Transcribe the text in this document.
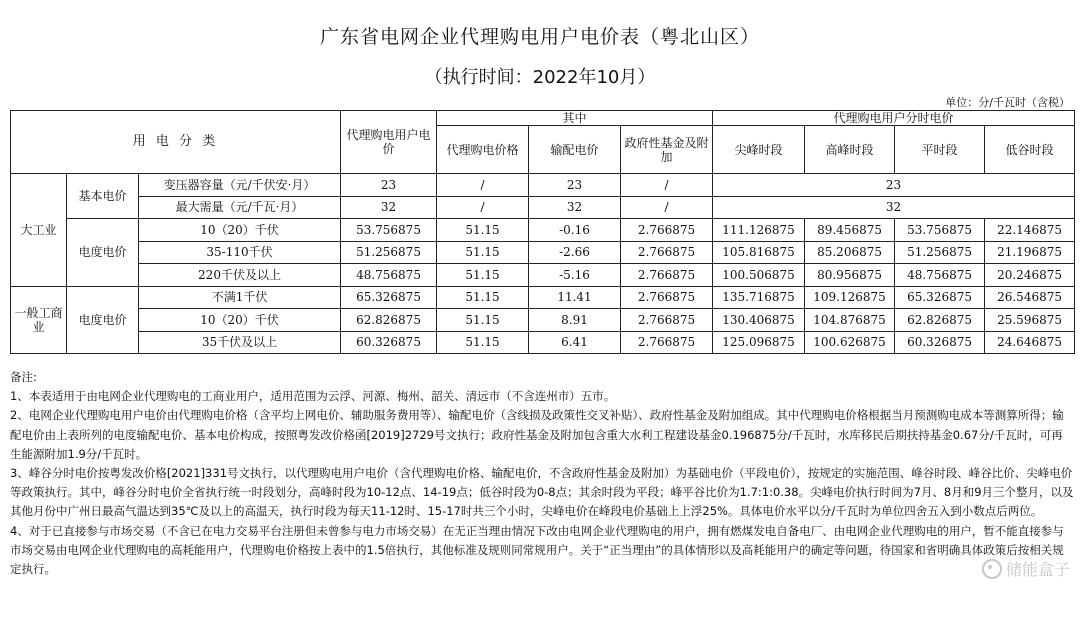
广东省电网企业代理购电用户电价表（粤北山区）
（执行时间：2022年10月）
单位：分/千瓦时（含税）
用 电 分 类			代理购电用户电价	其中			代理购电用户分时电价			
				代理购电价格	输配电价	政府性基金及附加	尖峰时段	高峰时段	平时段	低谷时段
大工业	基本电价	变压器容量（元/千伏安·月）	23	/	23	/	23			
		最大需量（元/千瓦·月）	32	/	32	/	32			
	电度电价	10（20）千伏	53.756875	51.15	-0.16	2.766875	111.126875	89.456875	53.756875	22.146875
		35-110千伏	51.256875	51.15	-2.66	2.766875	105.816875	85.206875	51.256875	21.196875
		220千伏及以上	48.756875	51.15	-5.16	2.766875	100.506875	80.956875	48.756875	20.246875
一般工商业	电度电价	不满1千伏	65.326875	51.15	11.41	2.766875	135.716875	109.126875	65.326875	26.546875
		10（20）千伏	62.826875	51.15	8.91	2.766875	130.406875	104.876875	62.826875	25.596875
		35千伏及以上	60.326875	51.15	6.41	2.766875	125.096875	100.626875	60.326875	24.646875

备注:

1、本表适用于由电网企业代理购电的工商业用户，适用范围为云浮、河源、梅州、韶关、清远市（不含连州市）五市。

2、电网企业代理购电用户电价由代理购电价格（含平均上网电价、辅助服务费用等）、输配电价（含线损及政策性交叉补贴）、政府性基金及附加组成。其中代理购电价格根据当月预测购电成本等测算所得；输配电价由上表所列的电度输配电价、基本电价构成，按照粤发改价格函[2019]2729号文执行；政府性基金及附加包含重大水利工程建设基金0.196875分/千瓦时，水库移民后期扶持基金0.67分/千瓦时，可再生能源附加1.9分/千瓦时。

3、峰谷分时电价按粤发改价格[2021]331号文执行，以代理购电用户电价（含代理购电价格、输配电价，不含政府性基金及附加）为基础电价（平段电价），按规定的实施范围、峰谷时段、峰谷比价、尖峰电价等政策执行。其中，峰谷分时电价全省执行统一时段划分，高峰时段为10-12点、14-19点；低谷时段为0-8点；其余时段为平段；峰平谷比价为1.7:1:0.38。尖峰电价执行时间为7月、8月和9月三个整月，以及其他月份中广州日最高气温达到35℃及以上的高温天，执行时段为每天11-12时、15-17时共三个小时，尖峰电价在峰段电价基础上上浮25%。具体电价水平以分/千瓦时为单位四舍五入到小数点后两位。

4、对于已直接参与市场交易（不含已在电力交易平台注册但未曾参与电力市场交易）在无正当理由情况下改由电网企业代理购电的用户，拥有燃煤发电自备电厂、由电网企业代理购电的用户，暂不能直接参与市场交易由电网企业代理购电的高耗能用户，代理购电价格按上表中的1.5倍执行，其他标准及规则同常规用户。关于“正当理由”的具体情形以及高耗能用户的确定等问题，待国家和省明确具体政策后按相关规定执行。	储能盒子
